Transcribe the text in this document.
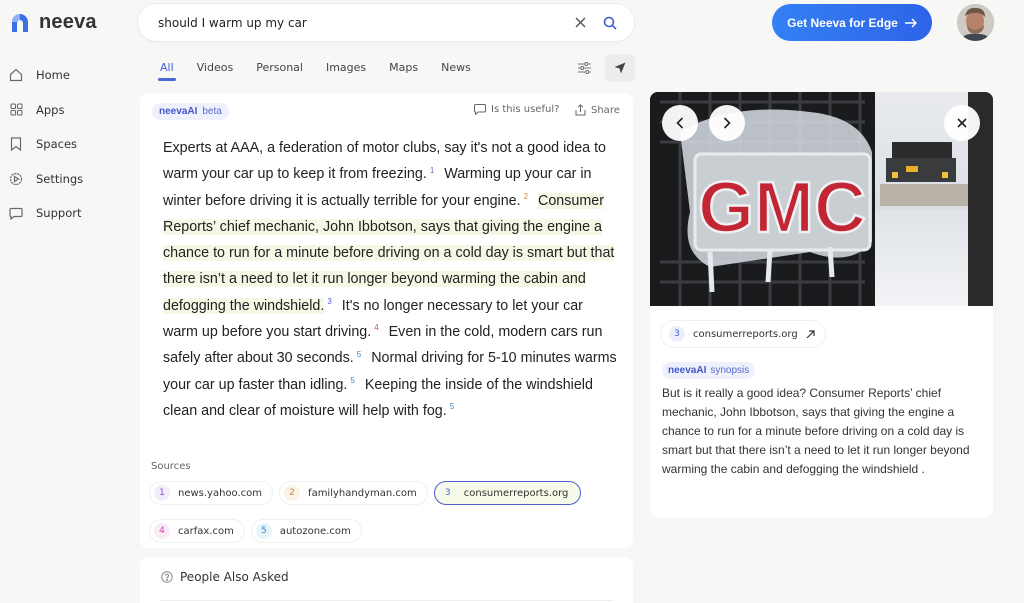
neeva
Home
Apps
Spaces
Settings
Support
should I warm up my car
All Videos Personal Images Maps News
Get Neeva for Edge
neevaAI beta	Is this useful?	Share
Experts at AAA, a federation of motor clubs, say it's not a good idea to warm your car up to keep it from freezing. $^1$ Warming up your car in winter before driving it is actually terrible for your engine. $^2$ Consumer Reports’ chief mechanic, John Ibbotson, says that giving the engine a chance to run for a minute before driving on a cold day is smart but that there isn’t a need to let it run longer beyond warming the cabin and defogging the windshield. $^3$ It's no longer necessary to let your car warm up before you start driving. $^4$ Even in the cold, modern cars run safely after about 30 seconds. $^5$ Normal driving for 5-10 minutes warms your car up faster than idling. $^5$ Keeping the inside of the windshield clean and clear of moisture will help with fog. $^5$
Sources
1	news.yahoo.com	2	familyhandyman.com	3	consumerreports.org
4	carfax.com	5	autozone.com
People Also Asked
GMC
3	consumerreports.org
neevaAI synopsis

But is it really a good idea? Consumer Reports’ chief mechanic, John Ibbotson, says that giving the engine a chance to run for a minute before driving on a cold day is smart but that there isn’t a need to let it run longer beyond warming the cabin and defogging the windshield .
